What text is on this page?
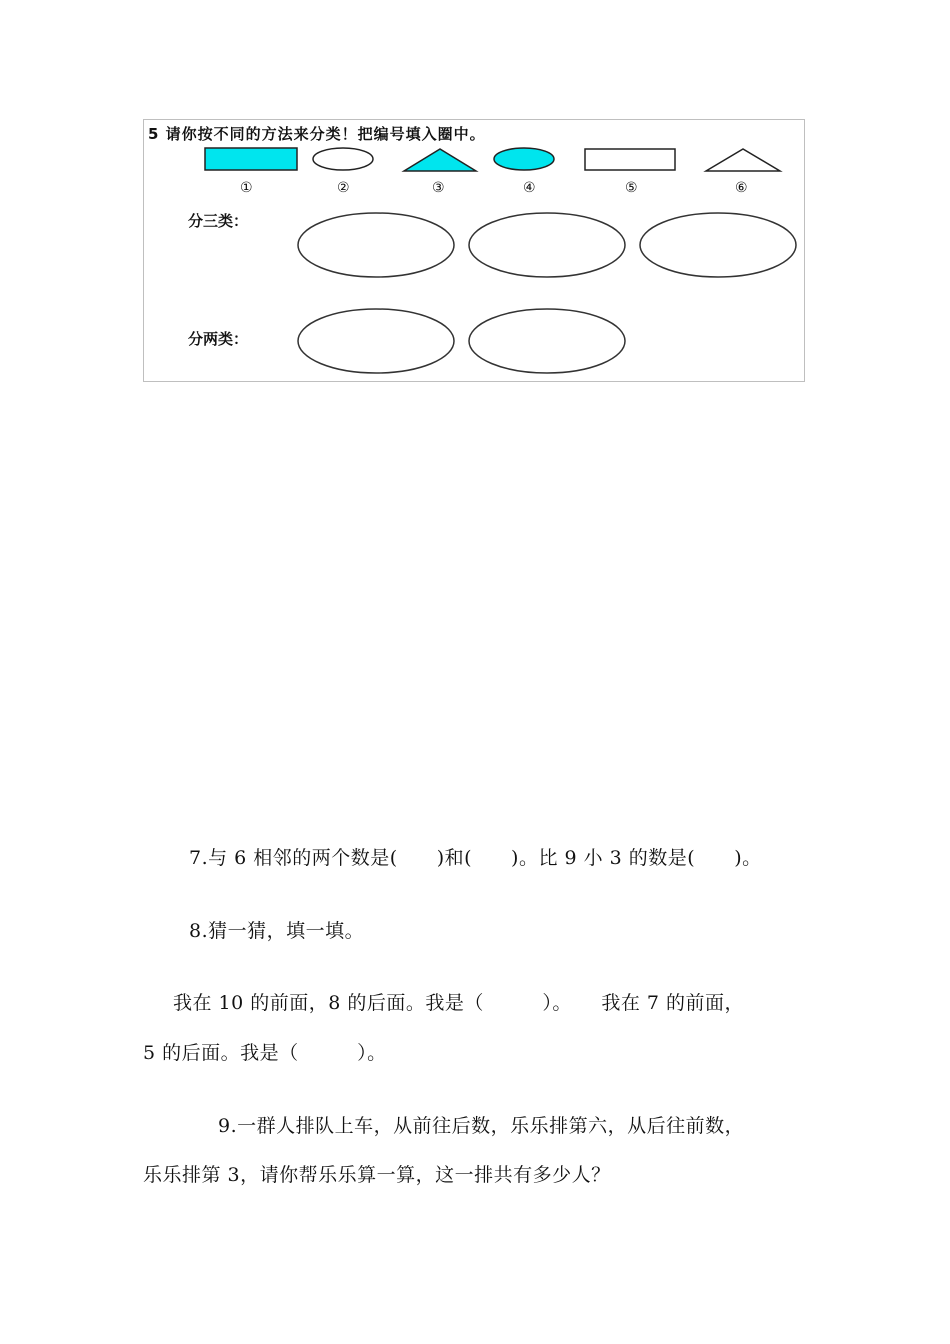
5 请你按不同的方法来分类！把编号填入圈中。
①	②	③	④	⑤	⑥
分三类：
分两类：
7.与 6 相邻的两个数是(　　)和(　　)。比 9 小 3 的数是(　　)。
8.猜一猜，填一填。
我在 10 的前面，8 的后面。我是（　　　）。　　我在 7 的前面，
5 的后面。我是（　　　）。
9.一群人排队上车，从前往后数，乐乐排第六，从后往前数，
乐乐排第 3，请你帮乐乐算一算，这一排共有多少人？
